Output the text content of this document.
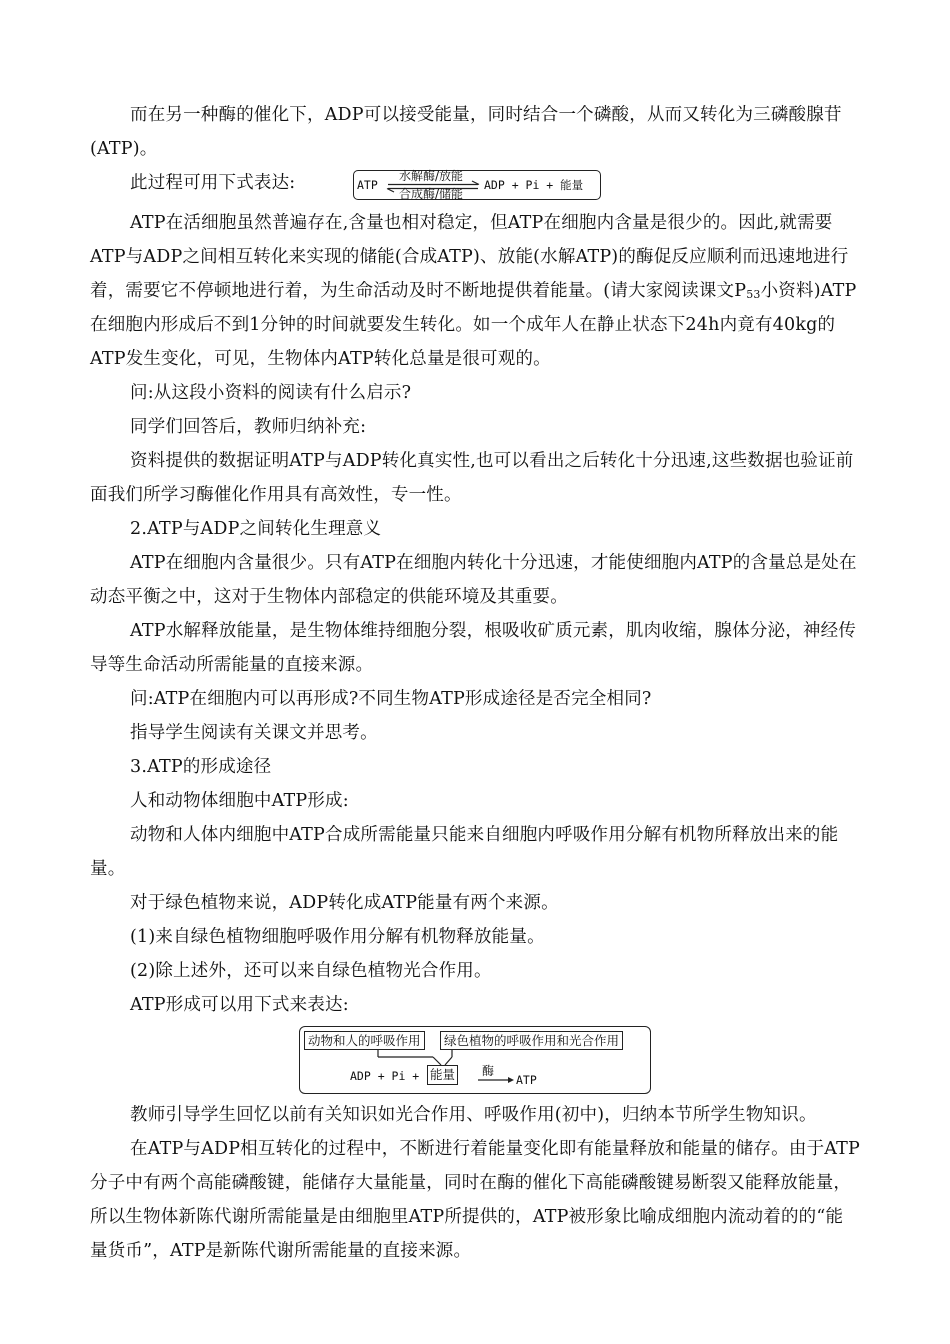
而在另一种酶的催化下，ADP可以接受能量，同时结合一个磷酸，从而又转化为三磷酸腺苷(ATP)。

此过程可用下式表达:	ATP
水解酶/放能
合成酶/储能
ADP + Pi + 能量

ATP在活细胞虽然普遍存在,含量也相对稳定，但ATP在细胞内含量是很少的。因此,就需要ATP与ADP之间相互转化来实现的储能(合成ATP)、放能(水解ATP)的酶促反应顺利而迅速地进行着，需要它不停顿地进行着，为生命活动及时不断地提供着能量。(请大家阅读课文$P_{53}$小资料)ATP在细胞内形成后不到1分钟的时间就要发生转化。如一个成年人在静止状态下24h内竟有40kg的ATP发生变化，可见，生物体内ATP转化总量是很可观的。

问:从这段小资料的阅读有什么启示?

同学们回答后，教师归纳补充:

资料提供的数据证明ATP与ADP转化真实性,也可以看出之后转化十分迅速,这些数据也验证前面我们所学习酶催化作用具有高效性，专一性。

2.ATP与ADP之间转化生理意义

ATP在细胞内含量很少。只有ATP在细胞内转化十分迅速，才能使细胞内ATP的含量总是处在动态平衡之中，这对于生物体内部稳定的供能环境及其重要。

ATP水解释放能量，是生物体维持细胞分裂，根吸收矿质元素，肌肉收缩，腺体分泌，神经传导等生命活动所需能量的直接来源。

问:ATP在细胞内可以再形成?不同生物ATP形成途径是否完全相同?

指导学生阅读有关课文并思考。

3.ATP的形成途径

人和动物体细胞中ATP形成:

动物和人体内细胞中ATP合成所需能量只能来自细胞内呼吸作用分解有机物所释放出来的能量。

对于绿色植物来说，ADP转化成ATP能量有两个来源。

(1)来自绿色植物细胞呼吸作用分解有机物释放能量。

(2)除上述外，还可以来自绿色植物光合作用。

ATP形成可以用下式来表达:

动物和人的呼吸作用	绿色植物的呼吸作用和光合作用
ADP + Pi + 能量 酶
ATP

教师引导学生回忆以前有关知识如光合作用、呼吸作用(初中)，归纳本节所学生物知识。

在ATP与ADP相互转化的过程中，不断进行着能量变化即有能量释放和能量的储存。由于ATP分子中有两个高能磷酸键，能储存大量能量，同时在酶的催化下高能磷酸键易断裂又能释放能量，所以生物体新陈代谢所需能量是由细胞里ATP所提供的，ATP被形象比喻成细胞内流动着的的“能量货币”，ATP是新陈代谢所需能量的直接来源。
